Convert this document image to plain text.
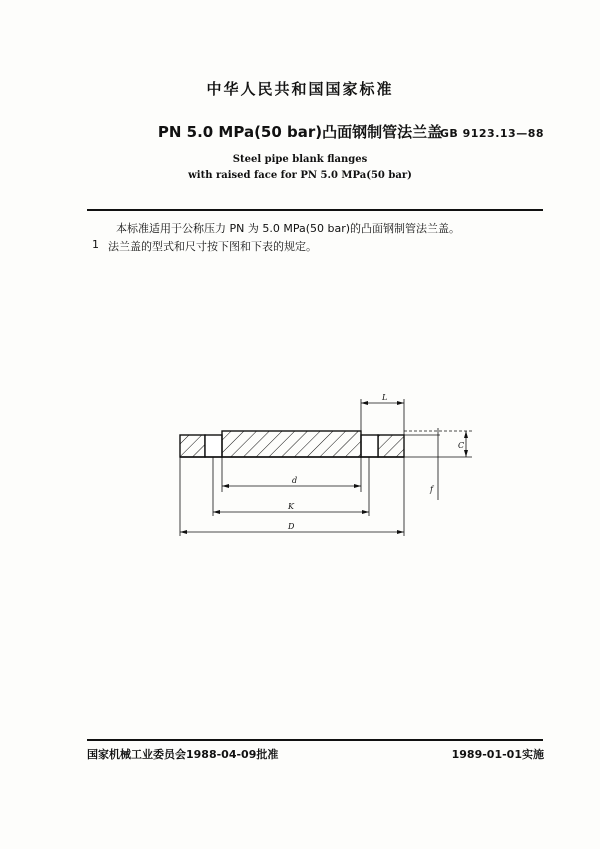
中华人民共和国国家标准
PN 5.0 MPa(50 bar)凸面钢制管法兰盖
GB 9123.13—88
Steel pipe blank flanges
with raised face for PN 5.0 MPa(50 bar)
本标准适用于公称压力 PN 为 5.0 MPa(50 bar)的凸面钢制管法兰盖。
1 法兰盖的型式和尺寸按下图和下表的规定。
d
K
D
L
C
f
国家机械工业委员会1988-04-09批准	1989-01-01实施
